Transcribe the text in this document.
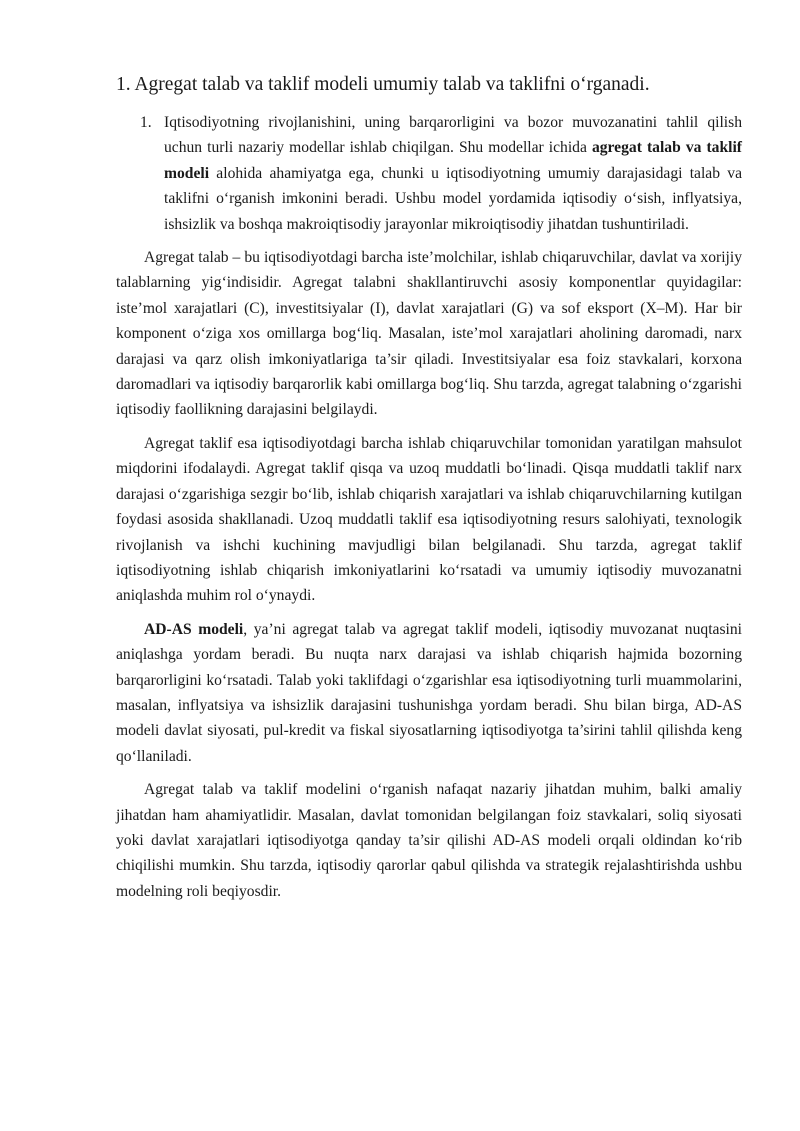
1. Agregat talab va taklif modeli umumiy talab va taklifni o‘rganadi.
1. Iqtisodiyotning rivojlanishini, uning barqarorligini va bozor muvozanatini tahlil qilish uchun turli nazariy modellar ishlab chiqilgan. Shu modellar ichida agregat talab va taklif modeli alohida ahamiyatga ega, chunki u iqtisodiyotning umumiy darajasidagi talab va taklifni o‘rganish imkonini beradi. Ushbu model yordamida iqtisodiy o‘sish, inflyatsiya, ishsizlik va boshqa makroiqtisodiy jarayonlar mikroiqtisodiy jihatdan tushuntiriladi.

Agregat talab – bu iqtisodiyotdagi barcha iste’molchilar, ishlab chiqaruvchilar, davlat va xorijiy talablarning yig‘indisidir. Agregat talabni shakllantiruvchi asosiy komponentlar quyidagilar: iste’mol xarajatlari (C), investitsiyalar (I), davlat xarajatlari (G) va sof eksport (X–M). Har bir komponent o‘ziga xos omillarga bog‘liq. Masalan, iste’mol xarajatlari aholining daromadi, narx darajasi va qarz olish imkoniyatlariga ta’sir qiladi. Investitsiyalar esa foiz stavkalari, korxona daromadlari va iqtisodiy barqarorlik kabi omillarga bog‘liq. Shu tarzda, agregat talabning o‘zgarishi iqtisodiy faollikning darajasini belgilaydi.

Agregat taklif esa iqtisodiyotdagi barcha ishlab chiqaruvchilar tomonidan yaratilgan mahsulot miqdorini ifodalaydi. Agregat taklif qisqa va uzoq muddatli bo‘linadi. Qisqa muddatli taklif narx darajasi o‘zgarishiga sezgir bo‘lib, ishlab chiqarish xarajatlari va ishlab chiqaruvchilarning kutilgan foydasi asosida shakllanadi. Uzoq muddatli taklif esa iqtisodiyotning resurs salohiyati, texnologik rivojlanish va ishchi kuchining mavjudligi bilan belgilanadi. Shu tarzda, agregat taklif iqtisodiyotning ishlab chiqarish imkoniyatlarini ko‘rsatadi va umumiy iqtisodiy muvozanatni aniqlashda muhim rol o‘ynaydi.

AD-AS modeli, ya’ni agregat talab va agregat taklif modeli, iqtisodiy muvozanat nuqtasini aniqlashga yordam beradi. Bu nuqta narx darajasi va ishlab chiqarish hajmida bozorning barqarorligini ko‘rsatadi. Talab yoki taklifdagi o‘zgarishlar esa iqtisodiyotning turli muammolarini, masalan, inflyatsiya va ishsizlik darajasini tushunishga yordam beradi. Shu bilan birga, AD-AS modeli davlat siyosati, pul-kredit va fiskal siyosatlarning iqtisodiyotga ta’sirini tahlil qilishda keng qo‘llaniladi.

Agregat talab va taklif modelini o‘rganish nafaqat nazariy jihatdan muhim, balki amaliy jihatdan ham ahamiyatlidir. Masalan, davlat tomonidan belgilangan foiz stavkalari, soliq siyosati yoki davlat xarajatlari iqtisodiyotga qanday ta’sir qilishi AD-AS modeli orqali oldindan ko‘rib chiqilishi mumkin. Shu tarzda, iqtisodiy qarorlar qabul qilishda va strategik rejalashtirishda ushbu modelning roli beqiyosdir.
